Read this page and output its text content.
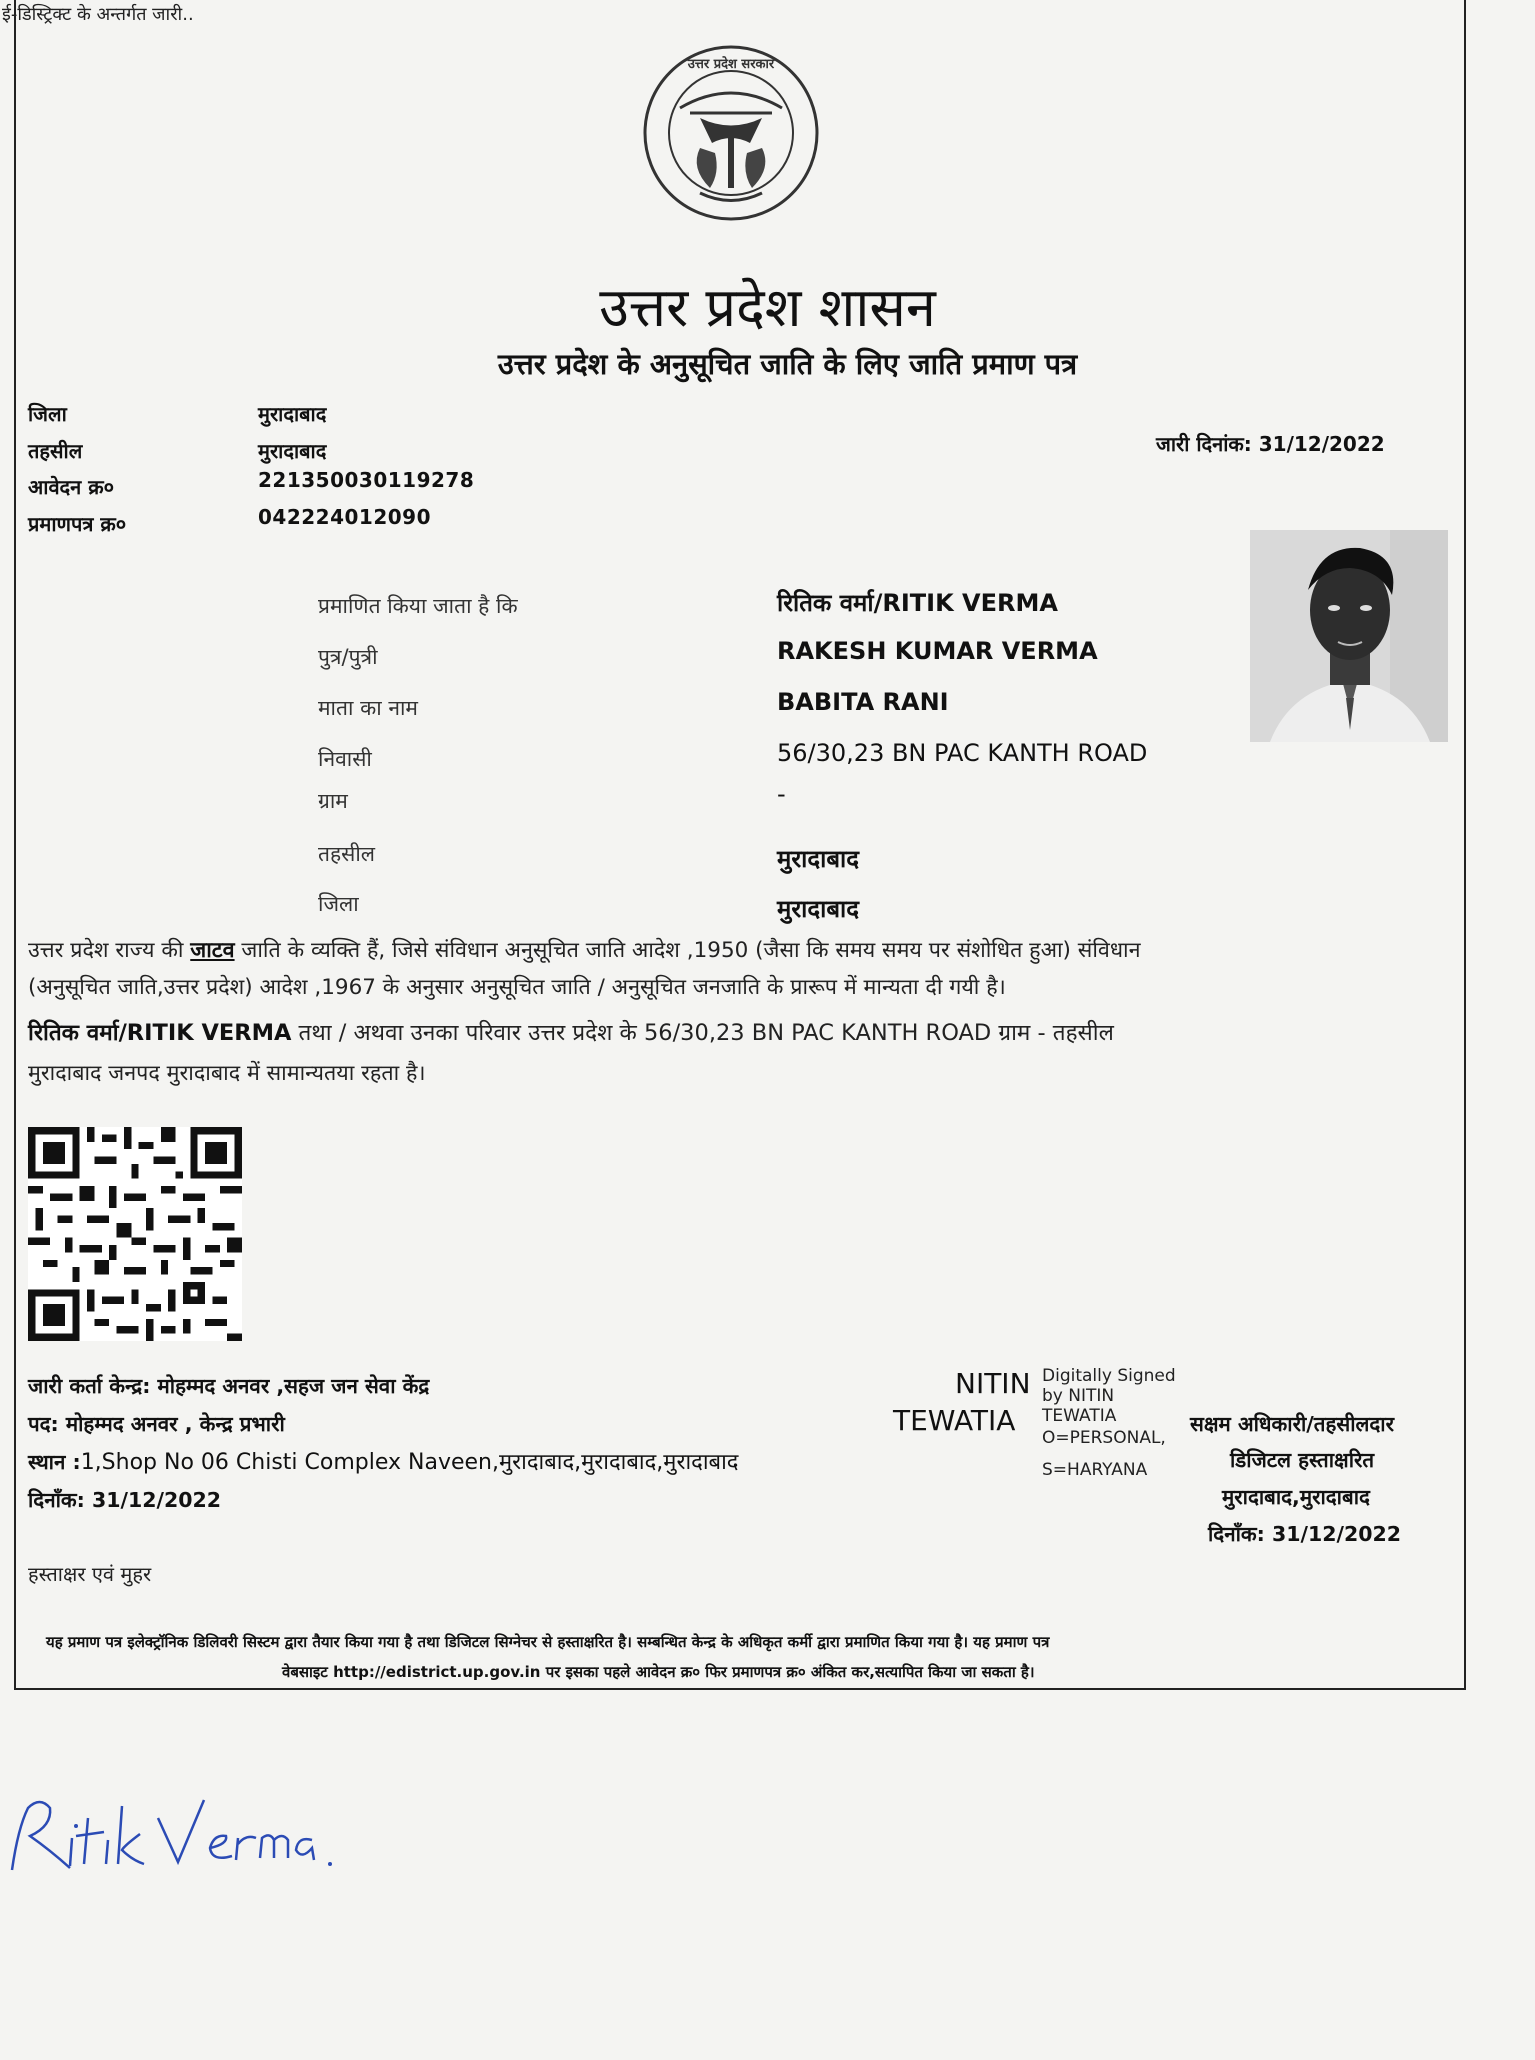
ई-डिस्ट्रिक्ट के अन्तर्गत जारी..
उत्तर प्रदेश सरकार
उत्तर प्रदेश शासन
उत्तर प्रदेश के अनुसूचित जाति के लिए जाति प्रमाण पत्र
जिला	मुरादाबाद
तहसील	मुरादाबाद
आवेदन क्र०	221350030119278
प्रमाणपत्र क्र०	042224012090
जारी दिनांक: 31/12/2022
प्रमाणित किया जाता है कि	रितिक वर्मा/RITIK VERMA
पुत्र/पुत्री	RAKESH KUMAR VERMA
माता का नाम	BABITA RANI
निवासी	56/30,23 BN PAC KANTH ROAD
ग्राम	-
तहसील	मुरादाबाद
जिला	मुरादाबाद
उत्तर प्रदेश राज्य की जाटव जाति के व्यक्ति हैं, जिसे संविधान अनुसूचित जाति आदेश ,1950 (जैसा कि समय समय पर संशोधित हुआ) संविधान
(अनुसूचित जाति,उत्तर प्रदेश) आदेश ,1967 के अनुसार अनुसूचित जाति / अनुसूचित जनजाति के प्रारूप में मान्यता दी गयी है।
रितिक वर्मा/RITIK VERMA तथा / अथवा उनका परिवार उत्तर प्रदेश के 56/30,23 BN PAC KANTH ROAD ग्राम - तहसील
मुरादाबाद जनपद मुरादाबाद में सामान्यतया रहता है।
जारी कर्ता केन्द्र: मोहम्मद अनवर ,सहज जन सेवा केंद्र
पद: मोहम्मद अनवर , केन्द्र प्रभारी
स्थान :1,Shop No 06 Chisti Complex Naveen,मुरादाबाद,मुरादाबाद,मुरादाबाद
दिनाँक: 31/12/2022
हस्ताक्षर एवं मुहर
NITIN
TEWATIA
Digitally Signed
by NITIN
TEWATIA
O=PERSONAL,
S=HARYANA
सक्षम अधिकारी/तहसीलदार
डिजिटल हस्ताक्षरित
मुरादाबाद,मुरादाबाद
दिनाँक: 31/12/2022
यह प्रमाण पत्र इलेक्ट्रॉनिक डिलिवरी सिस्टम द्वारा तैयार किया गया है तथा डिजिटल सिग्नेचर से हस्ताक्षरित है। सम्बन्धित केन्द्र के अधिकृत कर्मी द्वारा प्रमाणित किया गया है। यह प्रमाण पत्र
वेबसाइट http://edistrict.up.gov.in पर इसका पहले आवेदन क्र० फिर प्रमाणपत्र क्र० अंकित कर,सत्यापित किया जा सकता है।
